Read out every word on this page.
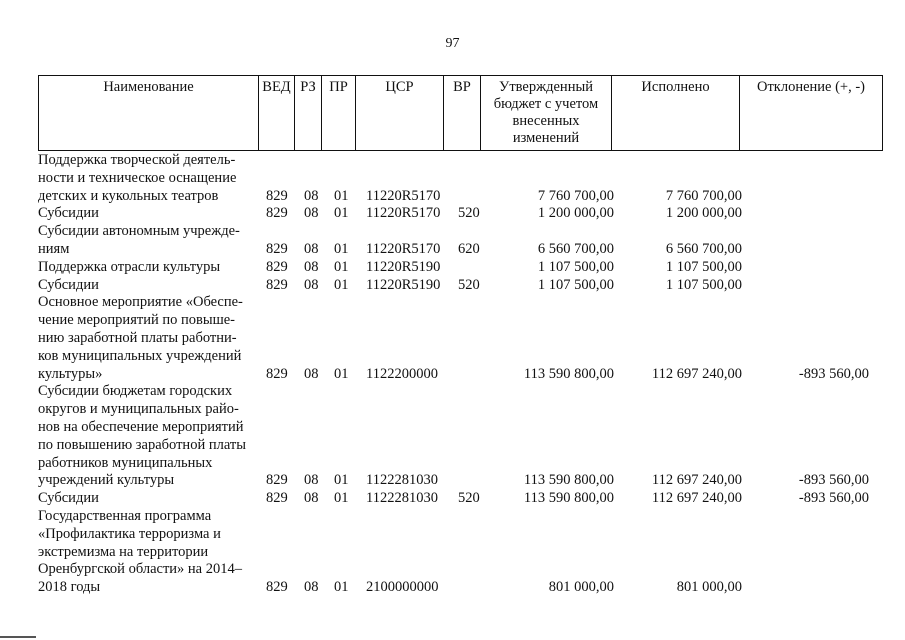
97
Наименование	ВЕД	РЗ	ПР	ЦСР	ВР	Утвержденный бюджет с учетом внесенных изменений	Исполнено	Отклонение (+, -)
Поддержка творческой деятель-
ности и техническое оснащение
детских и кукольных театров	829 08 01 11220R5170	7 760 700,00	7 760 700,00
Субсидии	829 08 01 11220R5170 520	1 200 000,00	1 200 000,00
Субсидии автономным учрежде-
ниям	829 08 01 11220R5170 620	6 560 700,00	6 560 700,00
Поддержка отрасли культуры	829 08 01 11220R5190	1 107 500,00	1 107 500,00
Субсидии	829 08 01 11220R5190 520	1 107 500,00	1 107 500,00
Основное мероприятие «Обеспе-
чение мероприятий по повыше-
нию заработной платы работни-
ков муниципальных учреждений
культуры»	829 08 01 1122200000	113 590 800,00	112 697 240,00	-893 560,00
Субсидии бюджетам городских
округов и муниципальных райо-
нов на обеспечение мероприятий
по повышению заработной платы
работников муниципальных
учреждений культуры	829 08 01 1122281030	113 590 800,00	112 697 240,00	-893 560,00
Субсидии	829 08 01 1122281030 520	113 590 800,00	112 697 240,00	-893 560,00
Государственная программа
«Профилактика терроризма и
экстремизма на территории
Оренбургской области» на 2014–
2018 годы	829 08 01 2100000000	801 000,00	801 000,00
